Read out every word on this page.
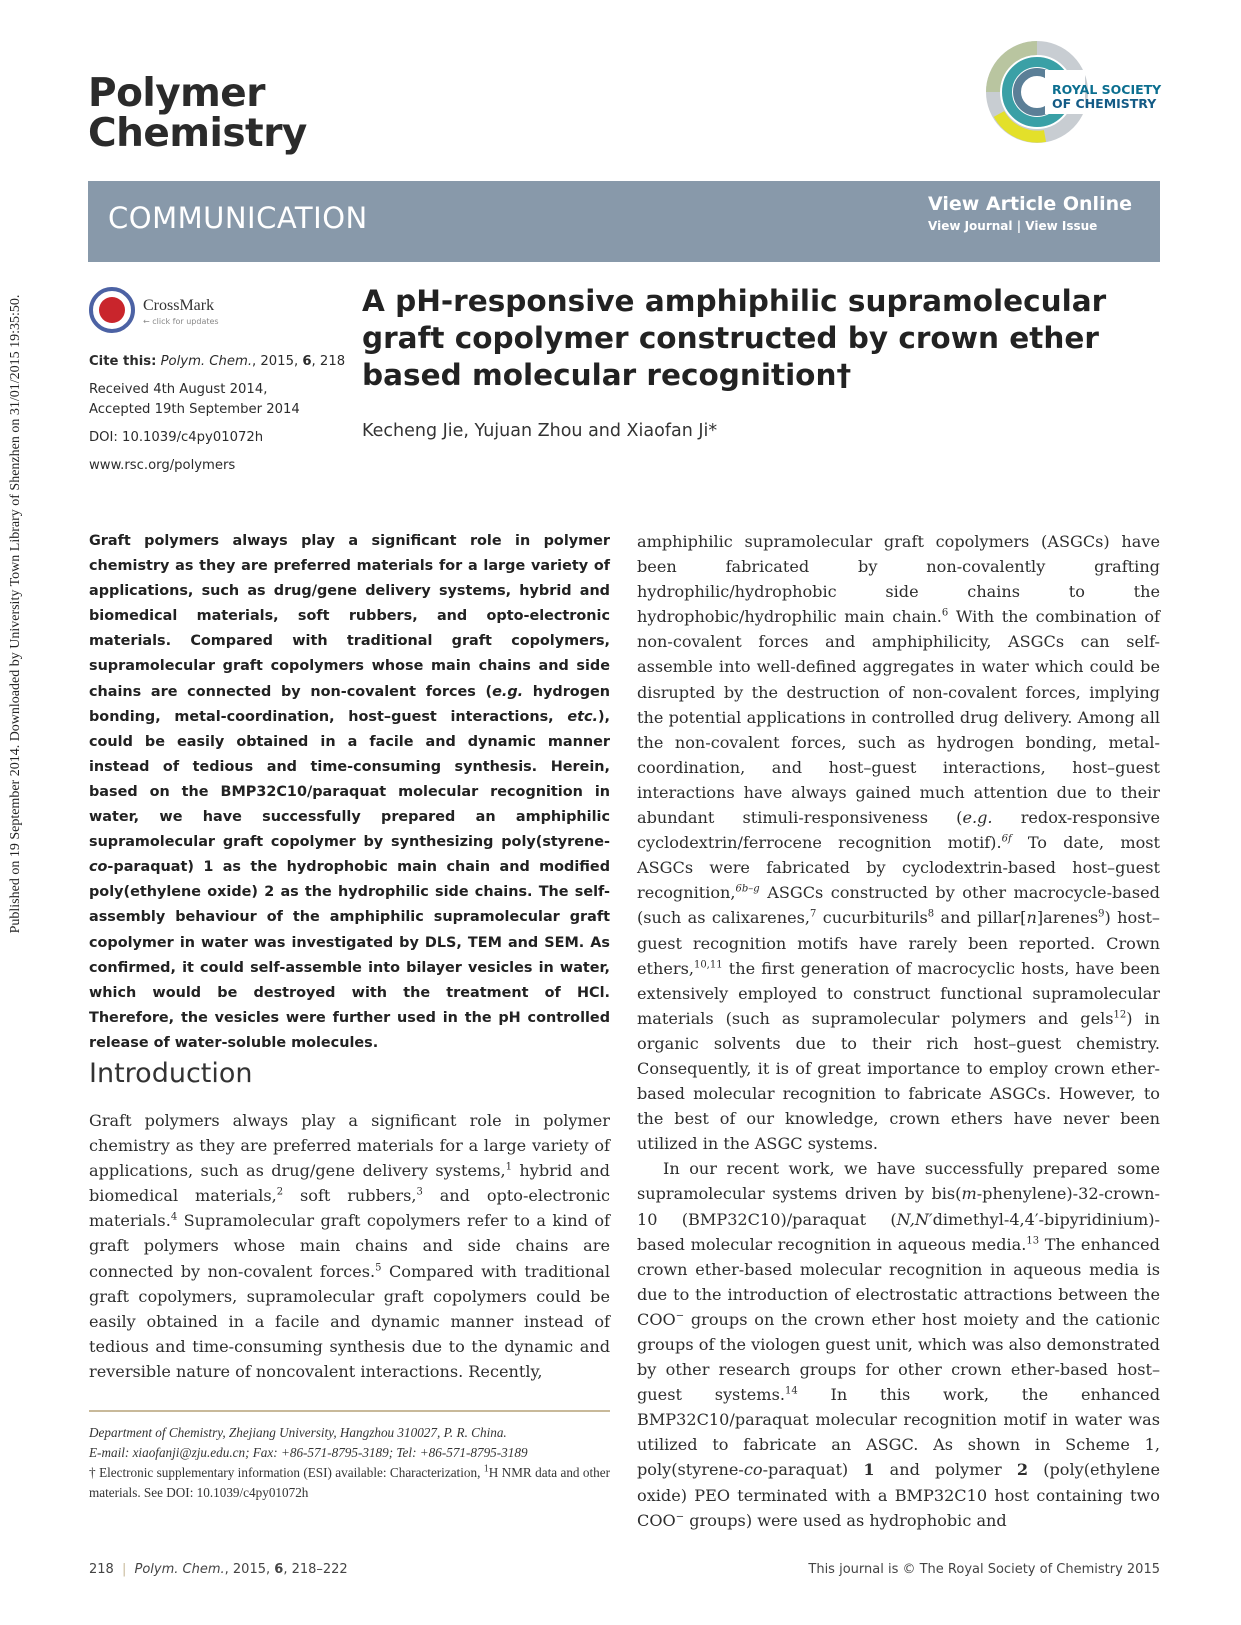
Published on 19 September 2014. Downloaded by University Town Library of Shenzhen on 31/01/2015 19:35:50.
Polymer Chemistry
ROYAL SOCIETY
OF CHEMISTRY
COMMUNICATION	View Article Online
View Journal | View Issue
CrossMark
← click for updates

Cite this: Polym. Chem., 2015, 6, 218

Received 4th August 2014,

Accepted 19th September 2014

DOI: 10.1039/c4py01072h

www.rsc.org/polymers

A pH-responsive amphiphilic supramolecular graft copolymer constructed by crown ether based molecular recognition†
Kecheng Jie, Yujuan Zhou and Xiaofan Ji*

Graft polymers always play a significant role in polymer chemistry as they are preferred materials for a large variety of applications, such as drug/gene delivery systems, hybrid and biomedical materials, soft rubbers, and opto-electronic materials. Compared with traditional graft copolymers, supramolecular graft copolymers whose main chains and side chains are connected by non-covalent forces (e.g. hydrogen bonding, metal-coordination, host–guest interactions, etc.), could be easily obtained in a facile and dynamic manner instead of tedious and time-consuming synthesis. Herein, based on the BMP32C10/paraquat molecular recognition in water, we have successfully prepared an amphiphilic supramolecular graft copolymer by synthesizing poly(styrene-co-paraquat) 1 as the hydrophobic main chain and modified poly(ethylene oxide) 2 as the hydrophilic side chains. The self-assembly behaviour of the amphiphilic supramolecular graft copolymer in water was investigated by DLS, TEM and SEM. As confirmed, it could self-assemble into bilayer vesicles in water, which would be destroyed with the treatment of HCl. Therefore, the vesicles were further used in the pH controlled release of water-soluble molecules.

Introduction

Graft polymers always play a significant role in polymer chemistry as they are preferred materials for a large variety of applications, such as drug/gene delivery systems,$^1$ hybrid and biomedical materials,$^2$ soft rubbers,$^3$ and opto-electronic materials.$^4$ Supramolecular graft copolymers refer to a kind of graft polymers whose main chains and side chains are connected by non-covalent forces.$^5$ Compared with traditional graft copolymers, supramolecular graft copolymers could be easily obtained in a facile and dynamic manner instead of tedious and time-consuming synthesis due to the dynamic and reversible nature of noncovalent interactions. Recently,

amphiphilic supramolecular graft copolymers (ASGCs) have been fabricated by non-covalently grafting hydrophilic/hydrophobic side chains to the hydrophobic/hydrophilic main chain.$^6$ With the combination of non-covalent forces and amphiphilicity, ASGCs can self-assemble into well-defined aggregates in water which could be disrupted by the destruction of non-covalent forces, implying the potential applications in controlled drug delivery. Among all the non-covalent forces, such as hydrogen bonding, metal-coordination, and host–guest interactions, host–guest interactions have always gained much attention due to their abundant stimuli-responsiveness (e.g. redox-responsive cyclodextrin/ferrocene recognition motif).$^{6f}$ To date, most ASGCs were fabricated by cyclodextrin-based host–guest recognition,$^{6b-g}$ ASGCs constructed by other macrocycle-based (such as calixarenes,$^7$ cucurbiturils$^8$ and pillar[n]arenes$^9$) host–guest recognition motifs have rarely been reported. Crown ethers,$^{10,11}$ the first generation of macrocyclic hosts, have been extensively employed to construct functional supramolecular materials (such as supramolecular polymers and gels$^{12}$) in organic solvents due to their rich host–guest chemistry. Consequently, it is of great importance to employ crown ether-based molecular recognition to fabricate ASGCs. However, to the best of our knowledge, crown ethers have never been utilized in the ASGC systems.

In our recent work, we have successfully prepared some supramolecular systems driven by bis(m-phenylene)-32-crown-10 (BMP32C10)/paraquat (N,N′dimethyl-4,4′-bipyridinium)-based molecular recognition in aqueous media.$^{13}$ The enhanced crown ether-based molecular recognition in aqueous media is due to the introduction of electrostatic attractions between the COO− groups on the crown ether host moiety and the cationic groups of the viologen guest unit, which was also demonstrated by other research groups for other crown ether-based host–guest systems.$^{14}$ In this work, the enhanced BMP32C10/paraquat molecular recognition motif in water was utilized to fabricate an ASGC. As shown in Scheme 1, poly(styrene-co-paraquat) 1 and polymer 2 (poly(ethylene oxide) PEO terminated with a BMP32C10 host containing two COO− groups) were used as hydrophobic and

Department of Chemistry, Zhejiang University, Hangzhou 310027, P. R. China.

E-mail: xiaofanji@zju.edu.cn; Fax: +86-571-8795-3189; Tel: +86-571-8795-3189

† Electronic supplementary information (ESI) available: Characterization, $^1$H NMR data and other materials. See DOI: 10.1039/c4py01072h

218 | Polym. Chem., 2015, 6, 218–222	This journal is © The Royal Society of Chemistry 2015
